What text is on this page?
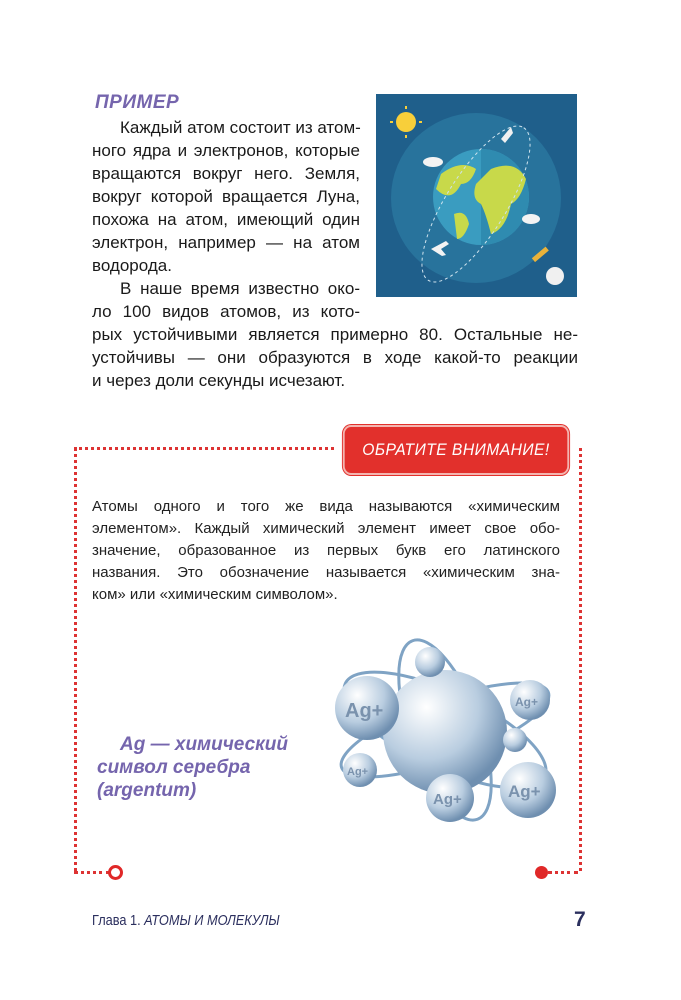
ПРИМЕР
Каждый атом состоит из атом-
ного ядра и электронов, которые
вращаются вокруг него. Земля,
вокруг которой вращается Луна,
похожа на атом, имеющий один
электрон, например — на атом
водорода.
В наше время известно око-
ло 100 видов атомов, из кото-
рых устойчивыми является примерно 80. Остальные не-
устойчивы — они образуются в ходе какой-то реакции
и через доли секунды исчезают.
ОБРАТИТЕ ВНИМАНИЕ!
Атомы одного и того же вида называются «химическим
элементом». Каждый химический элемент имеет свое обо-
значение, образованное из первых букв его латинского
названия. Это обозначение называется «химическим зна-
ком» или «химическим символом».
Ag+	Ag+
Ag+
Ag+	Ag+
Ag — химический
символ серебра
(argentum)
Глава 1. АТОМЫ И МОЛЕКУЛЫ	7
